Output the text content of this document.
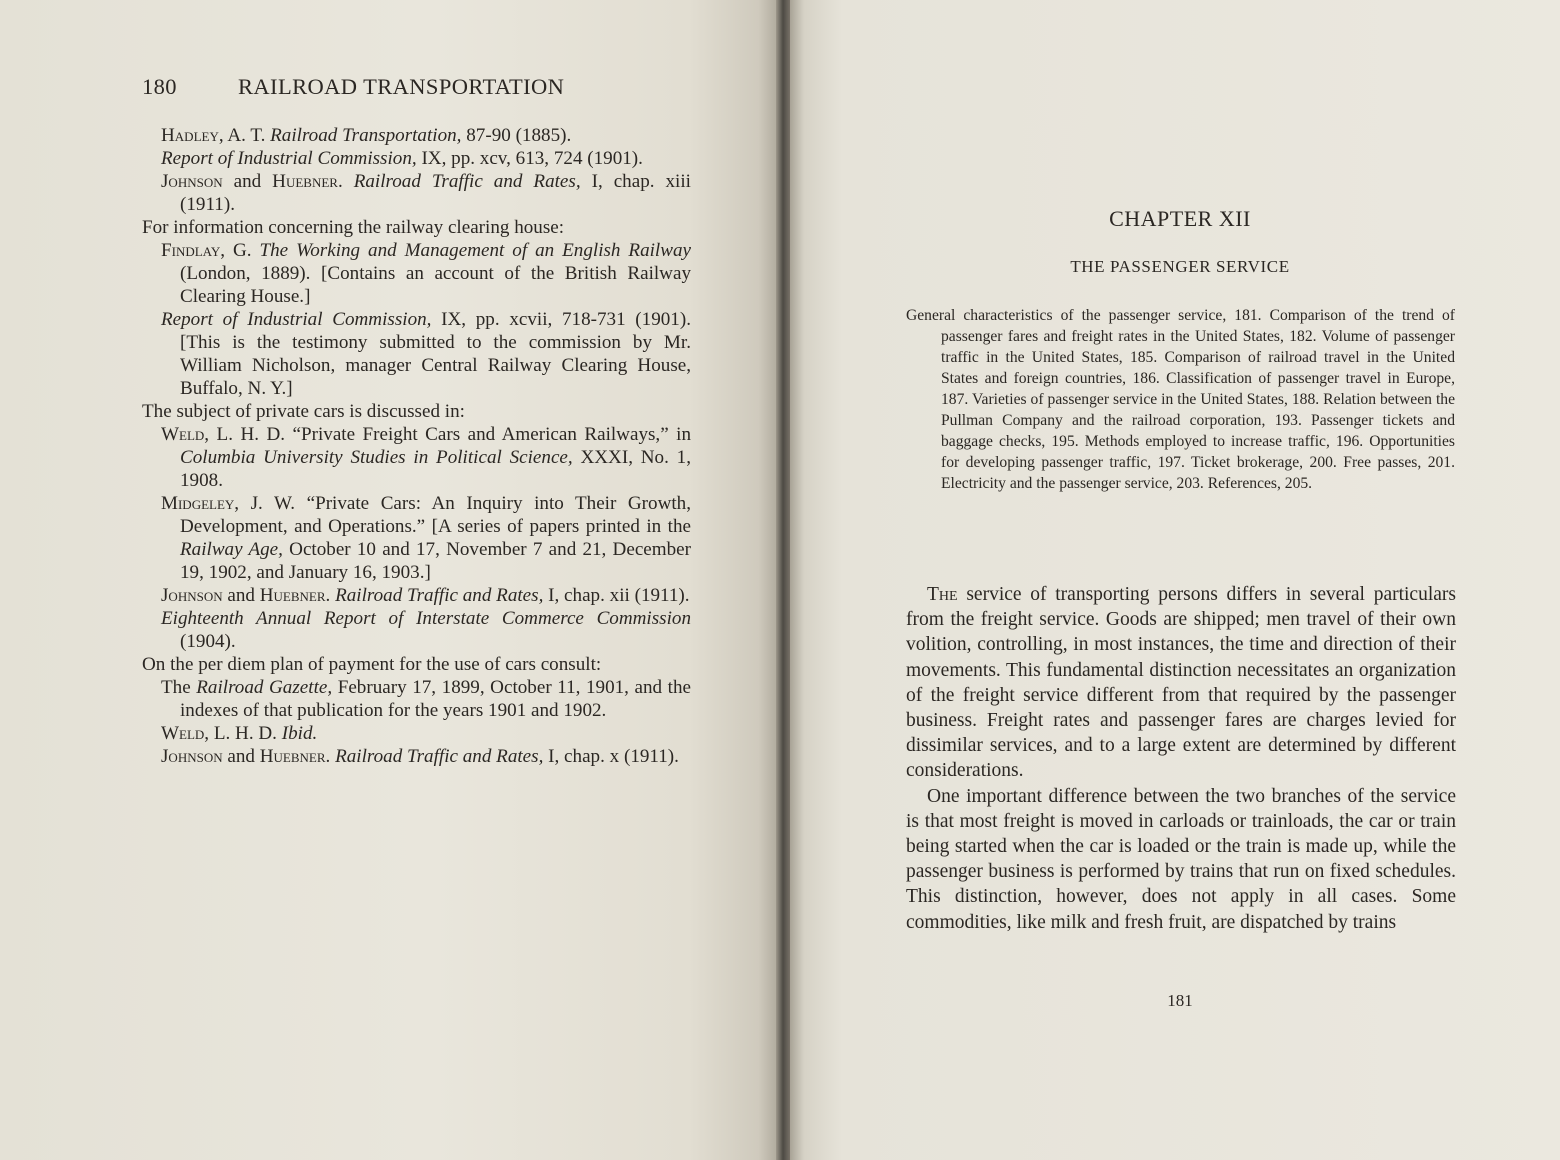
180	RAILROAD TRANSPORTATION
Hadley, A. T. Railroad Transportation, 87-90 (1885).
Report of Industrial Commission, IX, pp. xcv, 613, 724 (1901).
Johnson and Huebner. Railroad Traffic and Rates, I, chap. xiii (1911).
For information concerning the railway clearing house:
Findlay, G. The Working and Management of an English Railway (London, 1889). [Contains an account of the British Railway Clearing House.]
Report of Industrial Commission, IX, pp. xcvii, 718-731 (1901). [This is the testimony submitted to the commission by Mr. William Nicholson, manager Central Railway Clearing House, Buffalo, N. Y.]
The subject of private cars is discussed in:
Weld, L. H. D. “Private Freight Cars and American Railways,” in Columbia University Studies in Political Science, XXXI, No. 1, 1908.
Midgeley, J. W. “Private Cars: An Inquiry into Their Growth, Development, and Operations.” [A series of papers printed in the Railway Age, October 10 and 17, November 7 and 21, December 19, 1902, and January 16, 1903.]
Johnson and Huebner. Railroad Traffic and Rates, I, chap. xii (1911).
Eighteenth Annual Report of Interstate Commerce Commission (1904).
On the per diem plan of payment for the use of cars consult:
The Railroad Gazette, February 17, 1899, October 11, 1901, and the indexes of that publication for the years 1901 and 1902.
Weld, L. H. D. Ibid.
Johnson and Huebner. Railroad Traffic and Rates, I, chap. x (1911).
CHAPTER XII
THE PASSENGER SERVICE
General characteristics of the passenger service, 181. Comparison of the trend of passenger fares and freight rates in the United States, 182. Volume of passenger traffic in the United States, 185. Comparison of railroad travel in the United States and foreign countries, 186. Classification of passenger travel in Europe, 187. Varieties of passenger service in the United States, 188. Relation between the Pullman Company and the railroad corporation, 193. Passenger tickets and baggage checks, 195. Methods employed to increase traffic, 196. Opportunities for developing passenger traffic, 197. Ticket brokerage, 200. Free passes, 201. Electricity and the passenger service, 203. References, 205.

The service of transporting persons differs in several particulars from the freight service. Goods are shipped; men travel of their own volition, controlling, in most instances, the time and direction of their movements. This fundamental distinction necessitates an organization of the freight service different from that required by the passenger business. Freight rates and passenger fares are charges levied for dissimilar services, and to a large extent are determined by different considerations.

One important difference between the two branches of the service is that most freight is moved in carloads or trainloads, the car or train being started when the car is loaded or the train is made up, while the passenger business is performed by trains that run on fixed schedules. This distinction, however, does not apply in all cases. Some commodities, like milk and fresh fruit, are dispatched by trains

181
